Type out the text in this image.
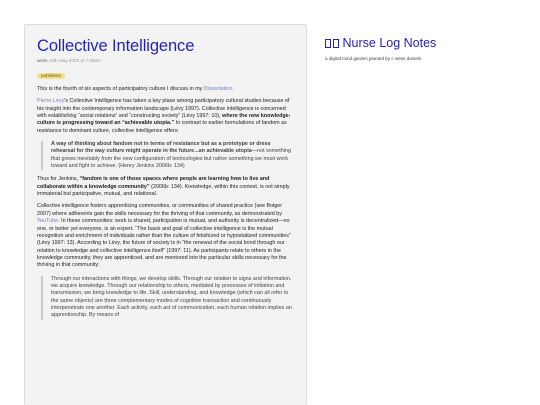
Collective Intelligence
wess 18th May 2020 at 7:49am
published

This is the fourth of six aspects of participatory culture I discuss in my Dissertation.

Pierre Levy's Collective Intelligence has taken a key place among participatory cultural studies because of his insight into the contemporary information landscape (Lévy 1997). Collective intelligence is concerned with establishing “social relations” and “constructing society” (Lévy 1997: 10), where the new knowledge-culture is progressing toward an “achievable utopia.” In contrast to earlier formulations of fandom as resistance to dominant culture, collective intelligence offers:

A way of thinking about fandom not in terms of resistance but as a prototype or dress rehearsal for the way culture might operate in the future...an achievable utopia—not something that grows inevitably from the new configuration of technologies but rather something we must work toward and fight to achieve. (Henry Jenkins 2006b: 134)

Thus for Jenkins, “fandom is one of those spaces where people are learning how to live and collaborate within a knowledge community” (2006b: 134). Knowledge, within this context, is not simply immaterial but participative, mutual, and relational.

Collective intelligence fosters apprenticing communities, or communities of shared practice (see Bolger 2007) where adherents gain the skills necessary for the thriving of that community, as demonstrated by YouTube. In these communities: work is shared, participation is mutual, and authority is decentralized—no one, or better yet everyone, is an expert. “The basis and goal of collective intelligence is the mutual recognition and enrichment of individuals rather than the culture of fetishized or hypostatized communities” (Lévy 1997: 13). According to Lévy, the future of society is in “the renewal of the social bond through our relation to knowledge and collective intelligence itself” (1997: 11). As participants relate to others in the knowledge community, they are apprenticed, and are mentored into the particular skills necessary for the thriving in that community:

Through our interactions with things, we develop skills. Through our relation to signs and information, we acquire knowledge. Through our relationship to others, mediated by processes of initiation and transmission, we bring knowledge to life. Skill, understanding, and knowledge (which can all refer to the same objects) are three complementary modes of cognitive transaction and continuously interpenetrate one another. Each activity, each act of communication, each human relation implies an apprenticeship. By means of

Nurse Log Notes
a digital mind garden planted by c wess daniels
